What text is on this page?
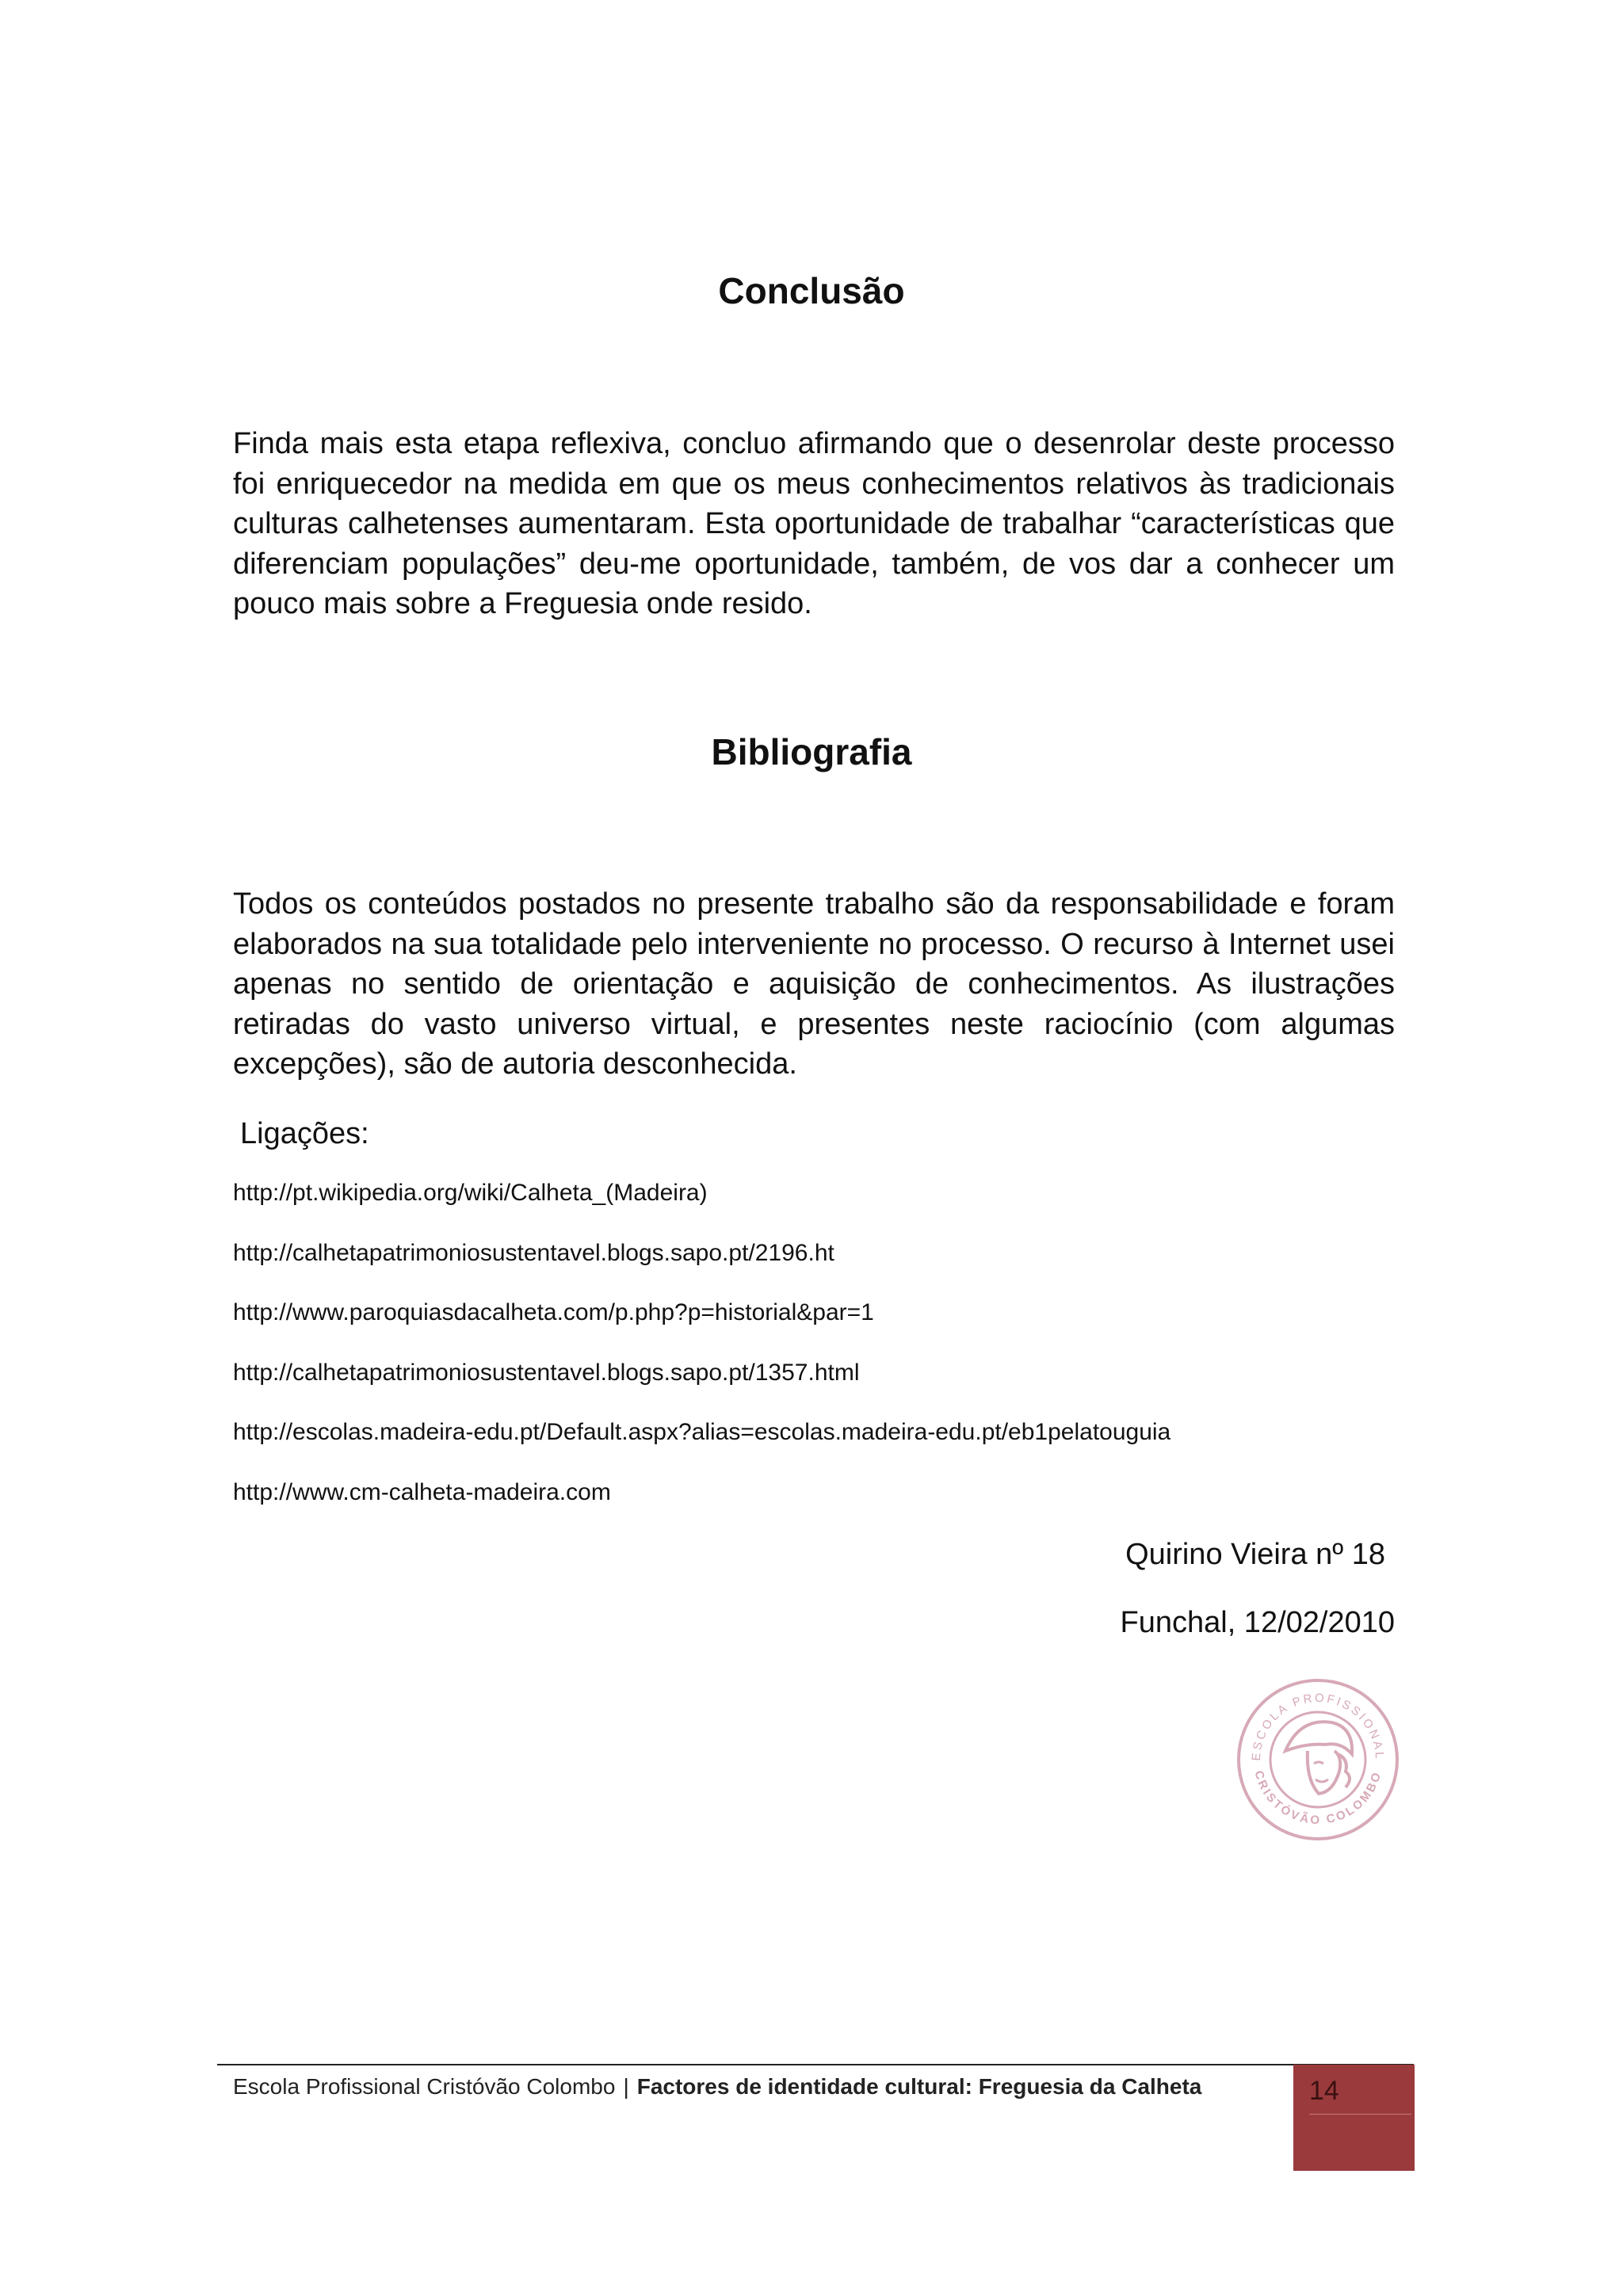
Conclusão

Finda mais esta etapa reflexiva, concluo afirmando que o desenrolar deste processo foi enriquecedor na medida em que os meus conhecimentos relativos às tradicionais culturas calhetenses aumentaram. Esta oportunidade de trabalhar “características que diferenciam populações” deu-me oportunidade, também, de vos dar a conhecer um pouco mais sobre a Freguesia onde resido.

Bibliografia

Todos os conteúdos postados no presente trabalho são da responsabilidade e foram elaborados na sua totalidade pelo interveniente no processo. O recurso à Internet usei apenas no sentido de orientação e aquisição de conhecimentos. As ilustrações retiradas do vasto universo virtual, e presentes neste raciocínio (com algumas excepções), são de autoria desconhecida.

Ligações:

http://pt.wikipedia.org/wiki/Calheta_(Madeira)
http://calhetapatrimoniosustentavel.blogs.sapo.pt/2196.ht
http://www.paroquiasdacalheta.com/p.php?p=historial&par=1
http://calhetapatrimoniosustentavel.blogs.sapo.pt/1357.html
http://escolas.madeira-edu.pt/Default.aspx?alias=escolas.madeira-edu.pt/eb1pelatouguia
http://www.cm-calheta-madeira.com
Quirino Vieira nº 18
Funchal, 12/02/2010
ESCOLA PROFISSIONAL
CRISTÓVÃO COLOMBO
Escola Profissional Cristóvão Colombo | Factores de identidade cultural: Freguesia da Calheta	14
